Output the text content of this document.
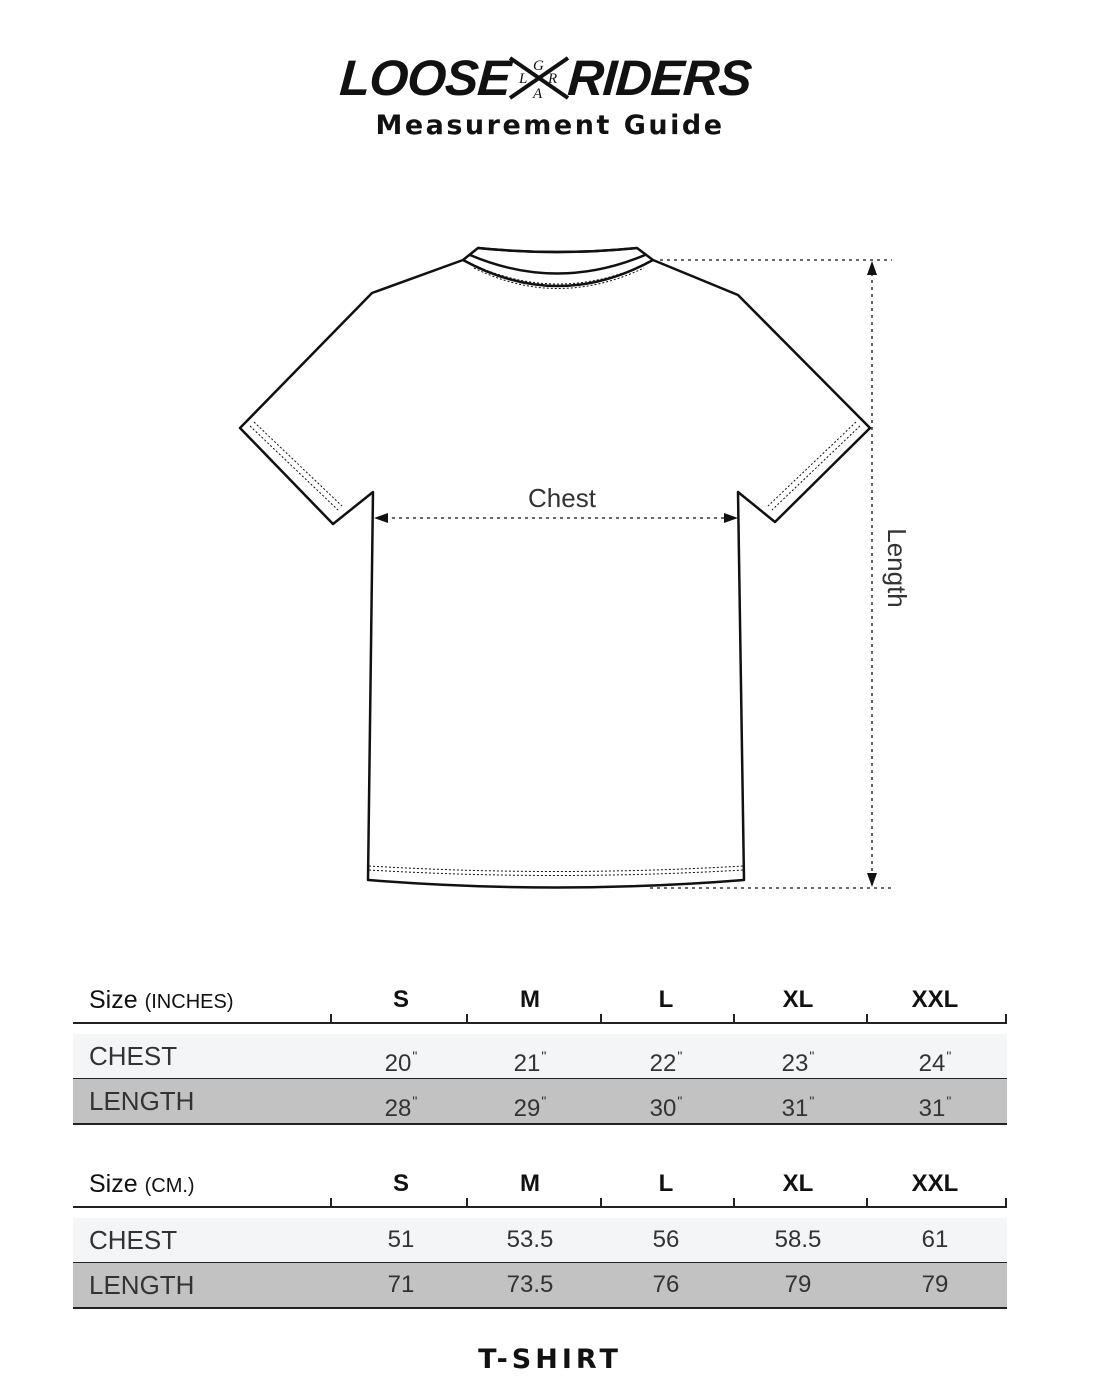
LOOSE L
G
R
A RIDERS
Measurement Guide
Chest
Length
Size (INCHES)	S	M	L	XL	XXL
CHEST	20"	21"	22"	23"	24"
LENGTH	28"	29"	30"	31"	31"
Size (CM.)	S	M	L	XL	XXL
CHEST	51	53.5	56	58.5	61
LENGTH	71	73.5	76	79	79
T-SHIRT
